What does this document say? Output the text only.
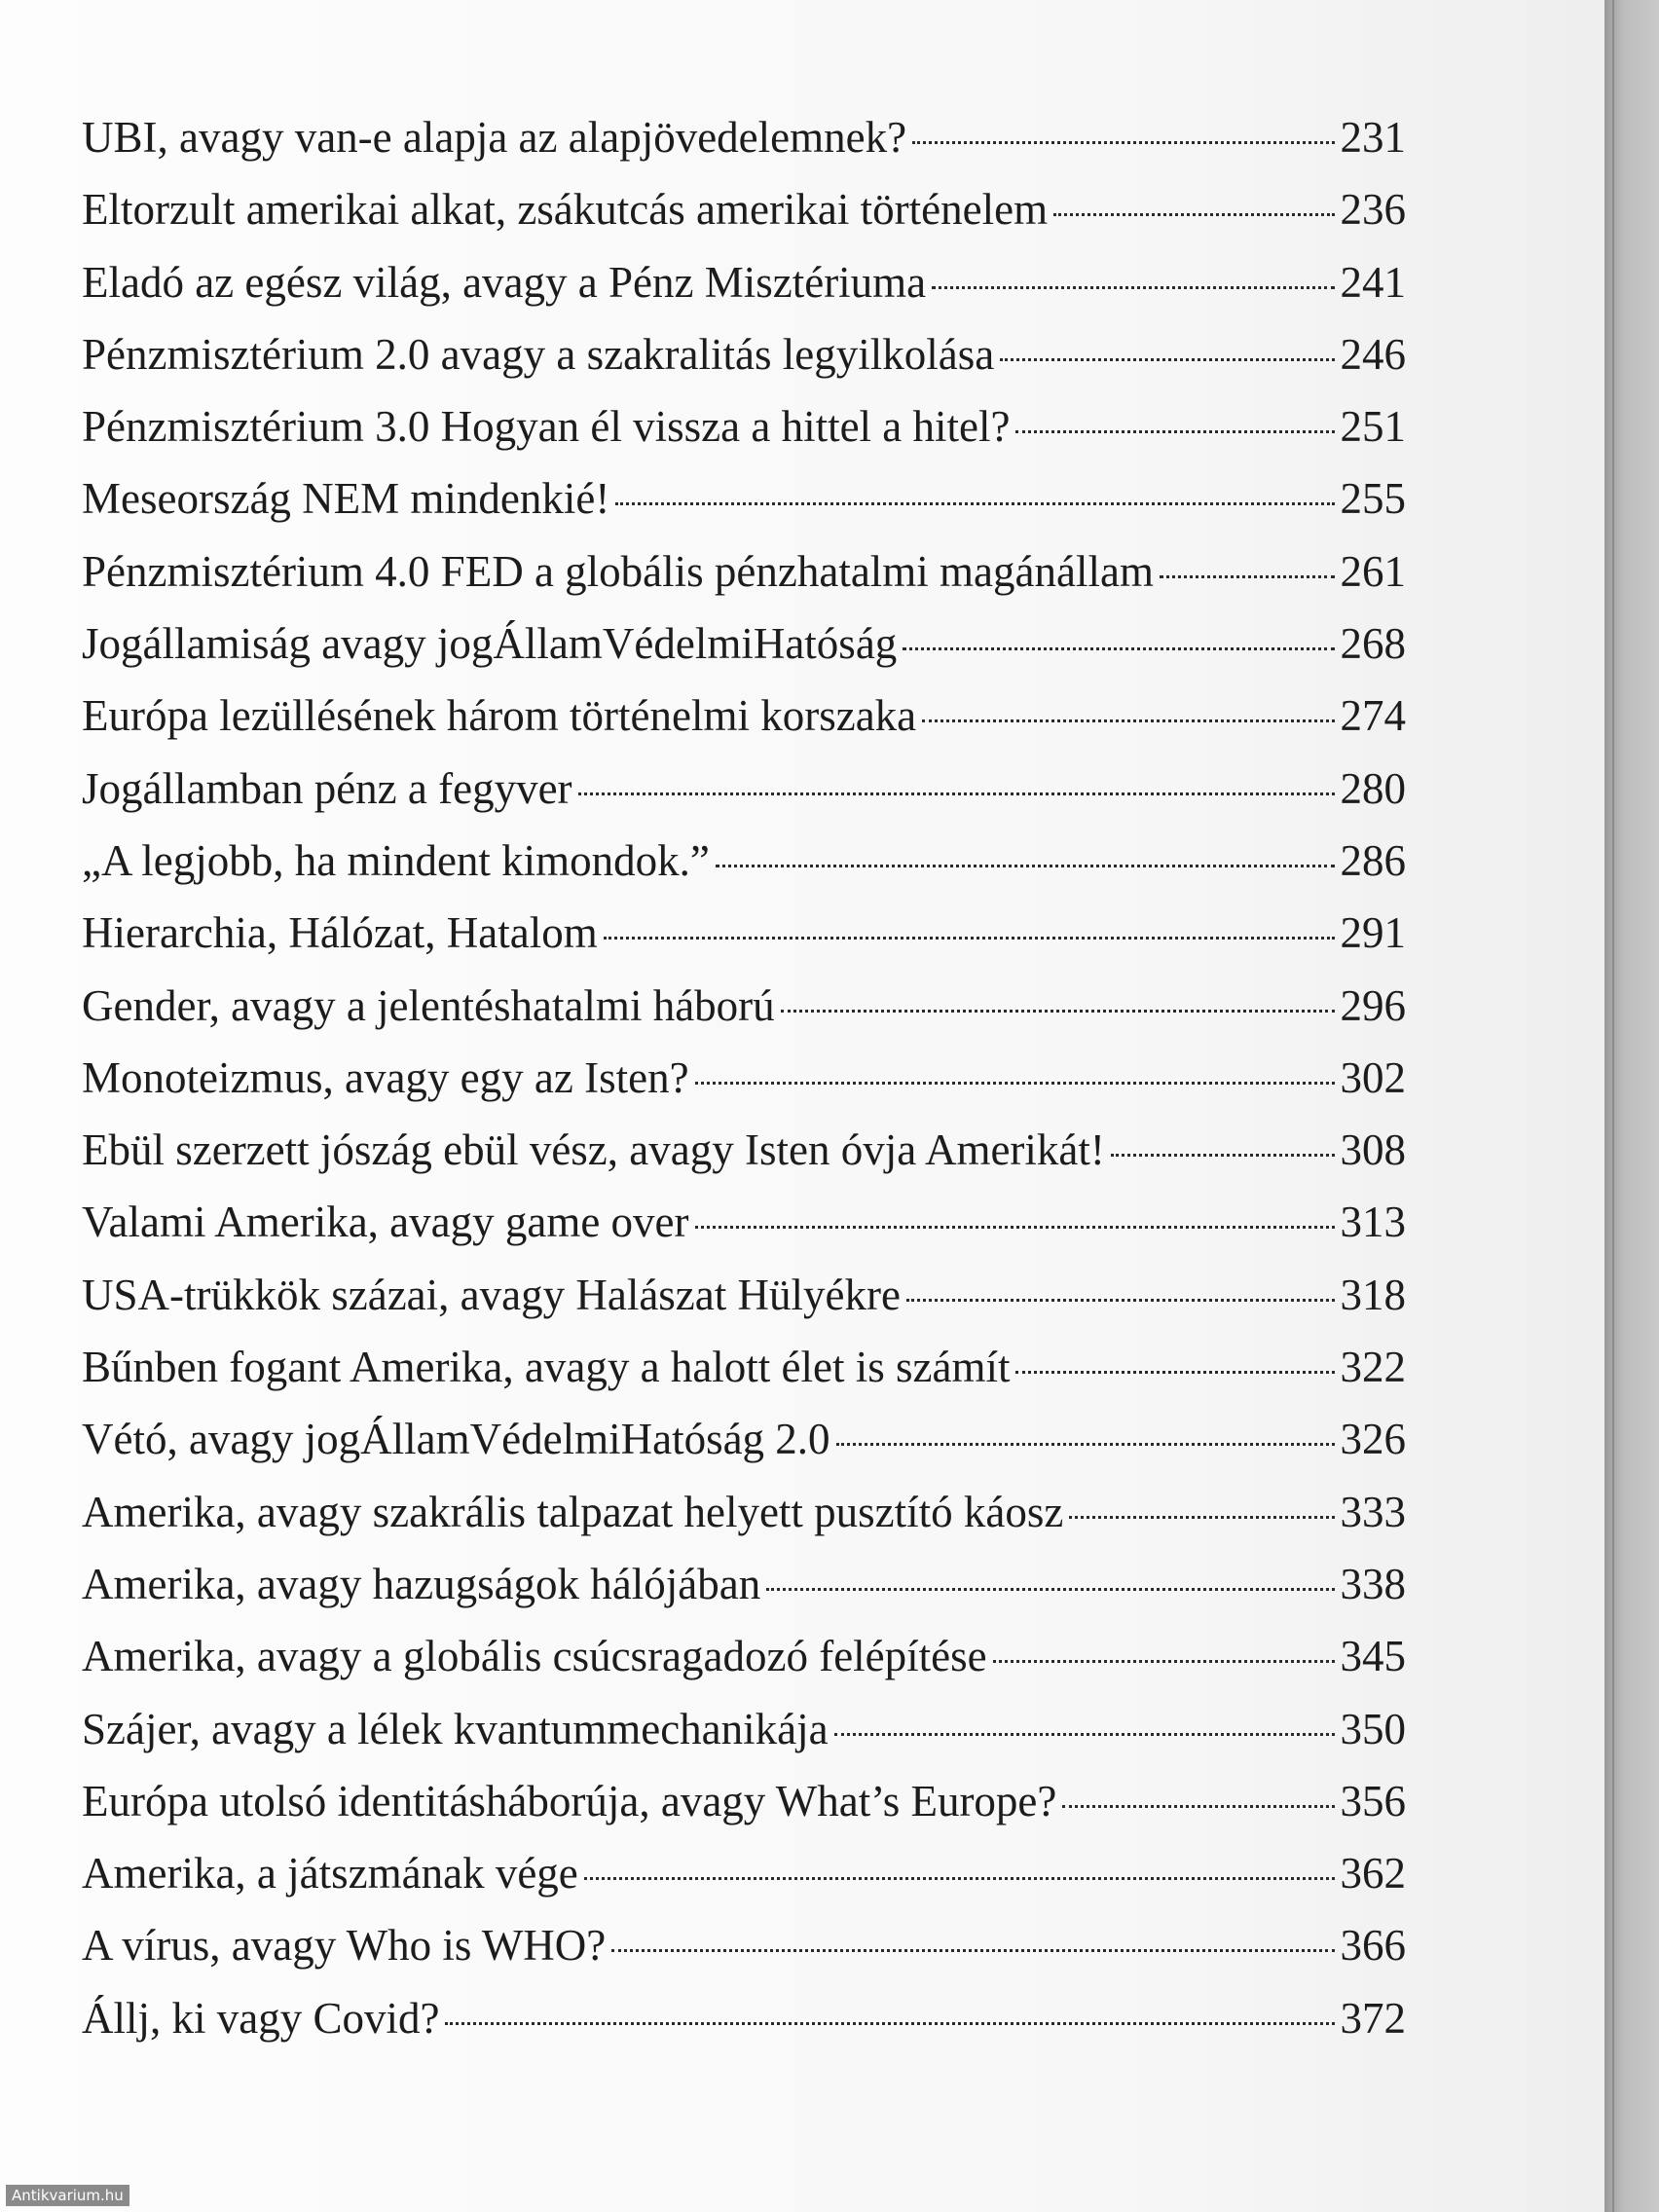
UBI, avagy van-e alapja az alapjövedelemnek?	231
Eltorzult amerikai alkat, zsákutcás amerikai történelem	236
Eladó az egész világ, avagy a Pénz Misztériuma	241
Pénzmisztérium 2.0 avagy a szakralitás legyilkolása	246
Pénzmisztérium 3.0 Hogyan él vissza a hittel a hitel?	251
Meseország NEM mindenkié!	255
Pénzmisztérium 4.0 FED a globális pénzhatalmi magánállam	261
Jogállamiság avagy jogÁllamVédelmiHatóság	268
Európa lezüllésének három történelmi korszaka	274
Jogállamban pénz a fegyver	280
„A legjobb, ha mindent kimondok.”	286
Hierarchia, Hálózat, Hatalom	291
Gender, avagy a jelentéshatalmi háború	296
Monoteizmus, avagy egy az Isten?	302
Ebül szerzett jószág ebül vész, avagy Isten óvja Amerikát!	308
Valami Amerika, avagy game over	313
USA-trükkök százai, avagy Halászat Hülyékre	318
Bűnben fogant Amerika, avagy a halott élet is számít	322
Vétó, avagy jogÁllamVédelmiHatóság 2.0	326
Amerika, avagy szakrális talpazat helyett pusztító káosz	333
Amerika, avagy hazugságok hálójában	338
Amerika, avagy a globális csúcsragadozó felépítése	345
Szájer, avagy a lélek kvantummechanikája	350
Európa utolsó identitásháborúja, avagy What’s Europe?	356
Amerika, a játszmának vége	362
A vírus, avagy Who is WHO?	366
Állj, ki vagy Covid?	372
Antikvarium.hu
